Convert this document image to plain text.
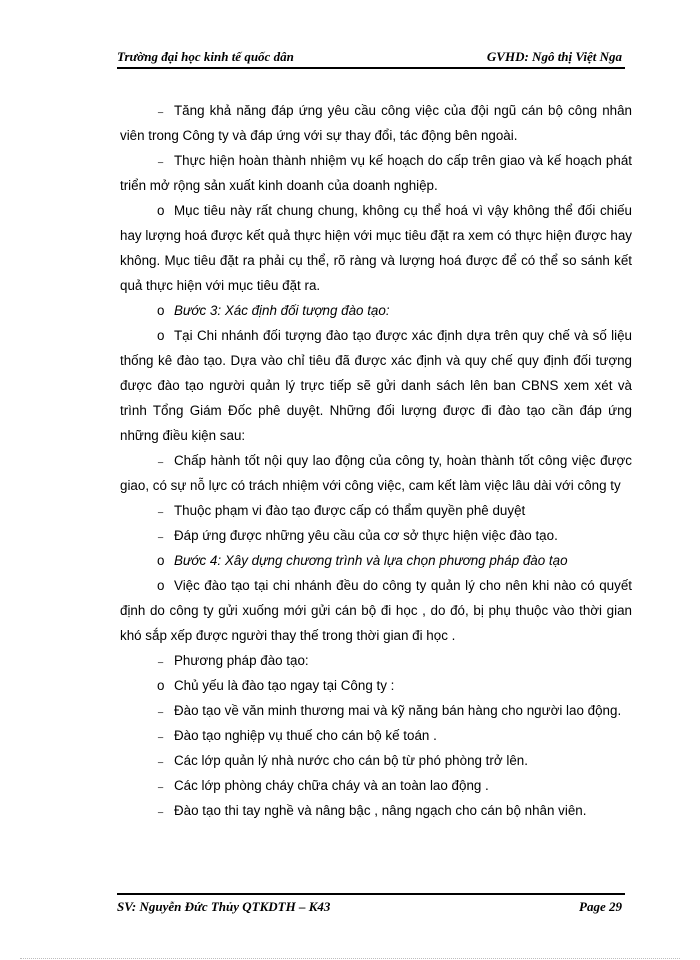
Trường đại học kinh tế quốc dân	GVHD: Ngô thị Việt Nga

₋ Tăng khả năng đáp ứng yêu cầu công việc của đội ngũ cán bộ công nhân viên trong Công ty và đáp ứng với sự thay đổi, tác động bên ngoài.

₋ Thực hiện hoàn thành nhiệm vụ kế hoạch do cấp trên giao và kế hoạch phát triển mở rộng sản xuất kinh doanh của doanh nghiệp.

o Mục tiêu này rất chung chung, không cụ thể hoá vì vậy không thể đối chiếu hay lượng hoá được kết quả thực hiện với mục tiêu đặt ra xem có thực hiện được hay không. Mục tiêu đặt ra phải cụ thể, rõ ràng và lượng hoá được để có thể so sánh kết quả thực hiện với mục tiêu đặt ra.

o Bước 3: Xác định đối tượng đào tạo:

o Tại Chi nhánh đối tượng đào tạo được xác định dựa trên quy chế và số liệu thống kê đào tạo. Dựa vào chỉ tiêu đã được xác định và quy chế quy định đối tượng được đào tạo người quản lý trực tiếp sẽ gửi danh sách lên ban CBNS xem xét và trình Tổng Giám Đốc phê duyệt. Những đối lượng được đi đào tạo cần đáp ứng những điều kiện sau:

₋ Chấp hành tốt nội quy lao động của công ty, hoàn thành tốt công việc được giao, có sự nỗ lực có trách nhiệm với công việc, cam kết làm việc lâu dài với công ty

₋ Thuộc phạm vi đào tạo được cấp có thẩm quyền phê duyệt

₋ Đáp ứng được những yêu cầu của cơ sở thực hiện việc đào tạo.

o Bước 4: Xây dựng chương trình và lựa chọn phương pháp đào tạo

o Việc đào tạo tại chi nhánh đều do công ty quản lý cho nên khi nào có quyết định do công ty gửi xuống mới gửi cán bộ đi học , do đó, bị phụ thuộc vào thời gian khó sắp xếp được người thay thế trong thời gian đi học .

₋ Phương pháp đào tạo:

o Chủ yếu là đào tạo ngay tại Công ty :

₋ Đào tạo về văn minh thương mai và kỹ năng bán hàng cho người lao động.

₋ Đào tạo nghiệp vụ thuế cho cán bộ kế toán .

₋ Các lớp quản lý nhà nước cho cán bộ từ phó phòng trở lên.

₋ Các lớp phòng cháy chữa cháy và an toàn lao động .

₋ Đào tạo thi tay nghề và nâng bậc , nâng ngạch cho cán bộ nhân viên.

SV: Nguyễn Đức Thủy QTKDTH – K43	Page 29
